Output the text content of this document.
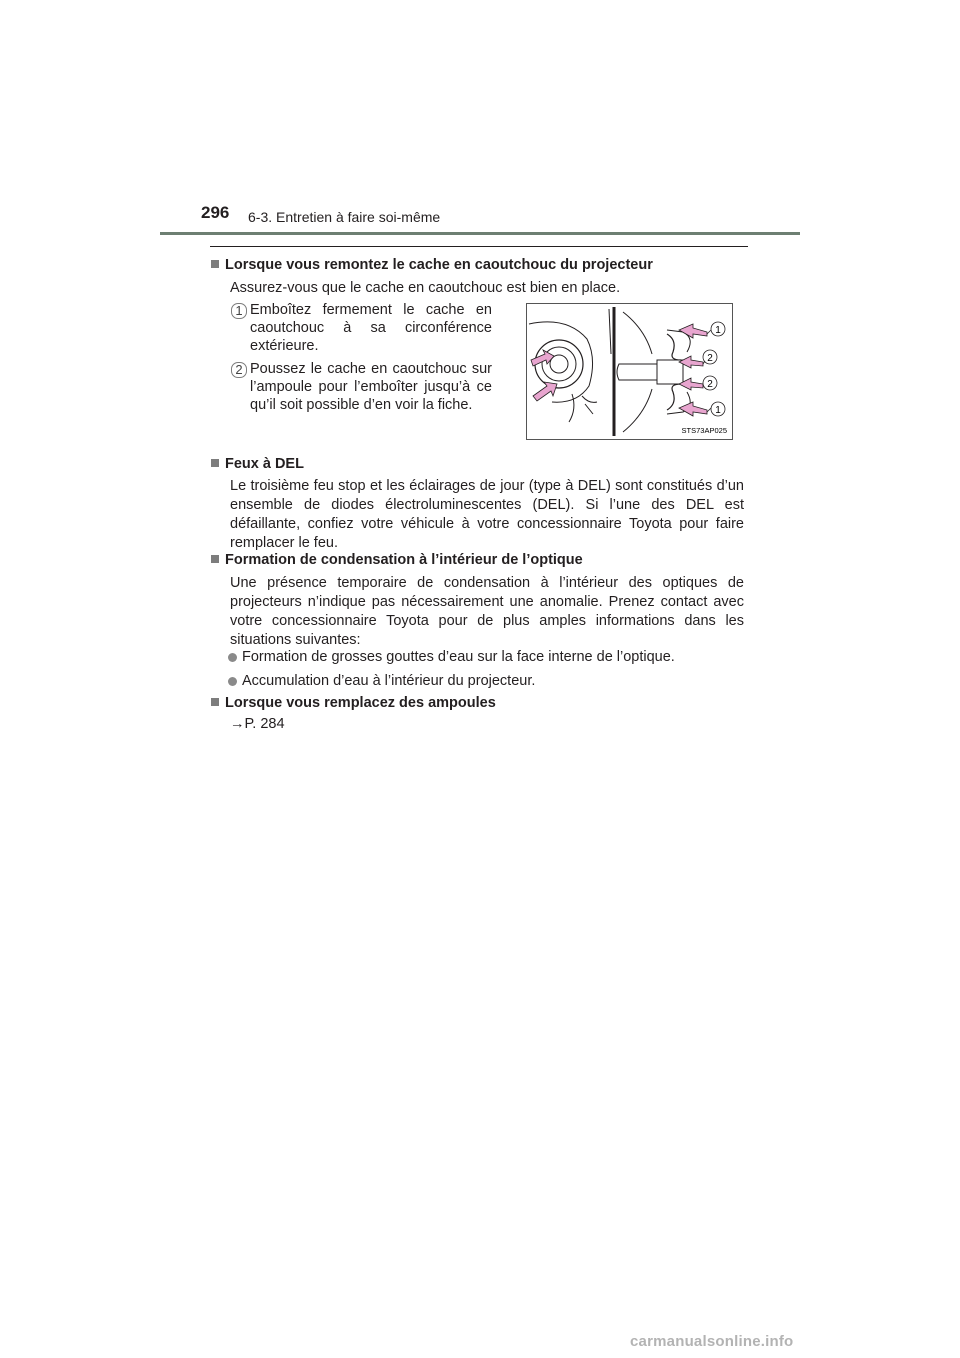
296 6-3. Entretien à faire soi-même
Lorsque vous remontez le cache en caoutchouc du projecteur
Assurez-vous que le cache en caoutchouc est bien en place.
1 Emboîtez fermement le cache en caoutchouc à sa circonférence extérieure.
2 Poussez le cache en caoutchouc sur l’ampoule pour l’emboîter jusqu’à ce qu’il soit possible d’en voir la fiche.
1
2
2
1
STS73AP025
Feux à DEL
Le troisième feu stop et les éclairages de jour (type à DEL) sont constitués d’un ensemble de diodes électroluminescentes (DEL). Si l’une des DEL est défaillante, confiez votre véhicule à votre concessionnaire Toyota pour faire remplacer le feu.
Formation de condensation à l’intérieur de l’optique
Une présence temporaire de condensation à l’intérieur des optiques de projecteurs n’indique pas nécessairement une anomalie. Prenez contact avec votre concessionnaire Toyota pour de plus amples informations dans les situations suivantes:
Formation de grosses gouttes d’eau sur la face interne de l’optique.
Accumulation d’eau à l’intérieur du projecteur.
Lorsque vous remplacez des ampoules
→P. 284
carmanualsonline.info
